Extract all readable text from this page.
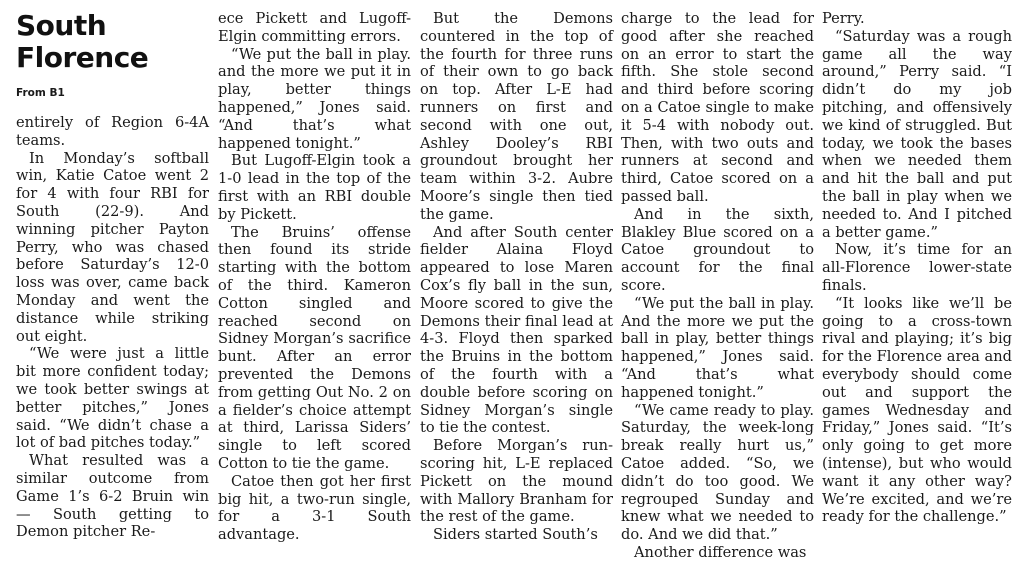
South
Florence
From B1

entirely of Region 6-4A teams.

In Monday’s softball win, Katie Catoe went 2 for 4 with four RBI for South (22-9). And winning pitcher Payton Perry, who was chased before Saturday’s 12-0 loss was over, came back Monday and went the distance while striking out eight.

“We were just a little bit more confident today; we took better swings at better pitches,” Jones said. “We didn’t chase a lot of bad pitches today.”

What resulted was a similar outcome from Game 1’s 6-2 Bruin win — South getting to Demon pitcher Re-

ece Pickett and Lugoff-Elgin committing errors.

“We put the ball in play. and the more we put it in play, better things happened,” Jones said. “And that’s what happened tonight.”

But Lugoff-Elgin took a 1-0 lead in the top of the first with an RBI double by Pickett.

The Bruins’ offense then found its stride starting with the bottom of the third. Kameron Cotton singled and reached second on Sidney Morgan’s sacrifice bunt. After an error prevented the Demons from getting Out No. 2 on a fielder’s choice attempt at third, Larissa Siders’ single to left scored Cotton to tie the game.

Catoe then got her first big hit, a two-run single, for a 3-1 South advantage.

But the Demons countered in the top of the fourth for three runs of their own to go back on top. After L-E had runners on first and second with one out, Ashley Dooley’s RBI groundout brought her team within 3-2. Aubre Moore’s single then tied the game.

And after South center fielder Alaina Floyd appeared to lose Maren Cox’s fly ball in the sun, Moore scored to give the Demons their final lead at 4-3. Floyd then sparked the Bruins in the bottom of the fourth with a double before scoring on Sidney Morgan’s single to tie the contest.

Before Morgan’s run-scoring hit, L-E replaced Pickett on the mound with Mallory Branham for the rest of the game.

Siders started South’s

charge to the lead for good after she reached on an error to start the fifth. She stole second and third before scoring on a Catoe single to make it 5-4 with nobody out. Then, with two outs and runners at second and third, Catoe scored on a passed ball.

And in the sixth, Blakley Blue scored on a Catoe groundout to account for the final score.

“We put the ball in play. And the more we put the ball in play, better things happened,” Jones said. “And that’s what happened tonight.”

“We came ready to play. Saturday, the week-long break really hurt us,” Catoe added. “So, we didn’t do too good. We regrouped Sunday and knew what we needed to do. And we did that.”

Another difference was

Perry.

“Saturday was a rough game all the way around,” Perry said. “I didn’t do my job pitching, and offensively we kind of struggled. But today, we took the bases when we needed them and hit the ball and put the ball in play when we needed to. And I pitched a better game.”

Now, it’s time for an all-Florence lower-state finals.

“It looks like we’ll be going to a cross-town rival and playing; it’s big for the Florence area and everybody should come out and support the games Wednesday and Friday,” Jones said. “It’s only going to get more (intense), but who would want it any other way? We’re excited, and we’re ready for the challenge.”
